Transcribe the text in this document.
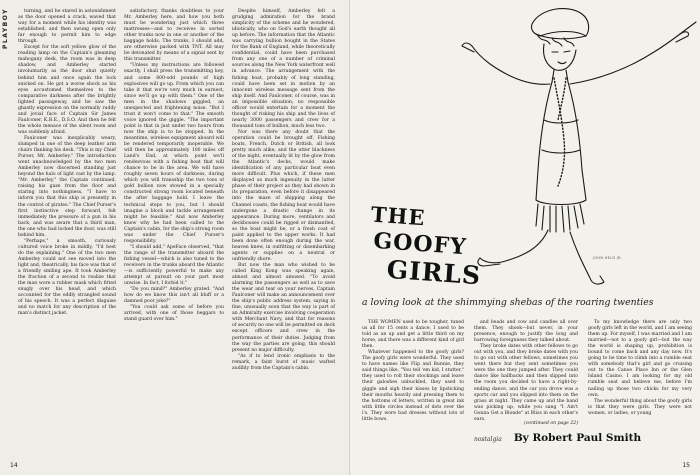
PLAYBOY	turning, and he stared in astonishment as the door opened a crack, waved that way for a moment while his identity was established, and then swung open only far enough to permit him to edge through.

Except for the soft yellow glow of the reading lamp on the Captain's gleaming mahogany desk, the room was in deep shadow, and Amberley started involuntarily as the door shut quietly behind him and once again the lock snicked on. He got a worse shock as his eyes accustomed themselves to the comparative darkness after the brightly lighted passageway, and he saw the ghastly expression on the normally ruddy and jovial face of Captain Sir James Faulconer, K.B.E., D.S.O. And then he felt the whole menace of the silent room and was suddenly afraid.

Faulconer was inexplicably weary, slumped in one of the deep leather arm chairs flanking his desk. "This is my Chief Purser, Mr. Amberley." The introduction went unacknowledged by the two men Amberley now discerned standing just beyond the halo of light cast by the lamp. "Mr. Amberley," the Captain continued, raising his gaze from the floor and staring into nothingness, "I have to inform you that this ship is presently in the control of pirates." The Chief Purser's first instinctive step forward, felt immediately the pressure of a gun in his back, and was aware that a third man, the one who had locked the door, was still behind him.

"Perhaps," a smooth, curiously cultured voice broke in mildly, "I'd best do the explaining." One of the two men Amberley could not see moved into the light and, theatrically, his face was that of a friendly smiling ape. It took Amberley the fraction of a second to realize that the man wore a rubber mask which fitted snugly over his head, and which accounted for the oddly strangled sound of his speech. It was a perfect disguise and no match for any description of the man's distinct jacket.

satisfactory, thanks doubtless to your Mr. Amberley here, and how you both must be wondering just which three mattresses—and to receives in sorted other trunks now in one or another of the baggage holds. The trunks, I should add, are otherwise packed with TNT. All may be detonated by means of a signal sent by this transmitter.

"Unless my instructions are followed exactly, I shall press the transmitting key, and some 800-odd pounds of high explosives will go up. From which you can take it that we're very much in earnest, since we'll go up with them." One of the men in the shadows giggled, an unexpected and frightening noise. "But I trust it won't come to that." The smooth voice ignored the giggle. "The important point is that in just under two hours from now the ship is to be stopped. In the meantime, wireless equipment aboard will be rendered temporarily inoperable. We will then be approximately 100 miles off Land's End, at which point we'll rendezvous with a fishing boat that will chance to be in the area. We will have roughly seven hours of darkness, during which you will transship the two tons of gold bullion now stowed in a specially constructed strong room located beneath the after baggage hold. I leave the technical steps to you, but I should imagine a block and tackle arrangement might be feasible." And now Amberley knew why he had been called to the Captain's cabin, for the ship's strong room was under the Chief Purser's responsibility.

"I should add," ApeFace observed, "that the range of the transmitter aboard the fishing vessel—which is also tuned to the receivers in the trunks aboard the Atlantic—is sufficiently powerful to make any attempt at pursuit on your part most unwise. In fact, I forbid it."

"Do you mind?" Amberley grated. "And how do we know this isn't all bluff or a damned poor joke?"

"You could ask some of before you arrived, with one of those beggars to stand guard over him."

Despite himself, Amberley felt a grudging admiration for the brand simplicity of the scheme and he wondered, idiotically, who on God's earth thought all up before. The information that the Atlantic was carrying bullion bought in the States for the Bank of England, while theoretically confidential, could have been purchased from any one of a number of criminal sources along the New York waterfront well in advance. The arrangement with the fishing boat, probably of long standing, could have been set in motion by an innocent wireless message sent from the ship itself. And Faulconer, of course, was in an impossible situation; no responsible officer would entertain for a moment the thought of risking his ship and the lives of nearly 3000 passengers and crew for a thousand tons of bullion, much less two.

Nor was there any doubt that the operation could be brought off. Fishing boats, French, Dutch or British, all look pretty much alike, and the utter blackness of the night, eventually lit by the glow from the Atlantic's decks, would make identification of any particular boat even more difficult. Plus which, if these men displayed as much ingenuity in the latter phase of their project as they had shown in its preparation, even before it disappeared into the maze of shipping along the Channel coasts, the fishing boat would have undergone a drastic change in its appearance. During more, ventilators and deckhouses could be rigged or dismantled, so the boat might be, or a fresh coat of paint applied to the upper works. It had been done often enough during the war, heaven knew, in outfitting or disembarking agents or supplies on a neutral or unfriendly shore.

But now the man who wished to be called King Kong was speaking again, almost and almost amused. "To avoid alarming the passengers as well as to save the wear and tear on your nerves, Captain Faulconer will make an announcement over the ship's public address system, saying in fine, unusually soon that the way is part of an Admiralty exercise involving cooperation with Merchant Navy, and that for reasons of security no one will be permitted on deck except officers and crew in the performance of their duties. Judging from the way the parties are going, this should present no major difficulty.

"As if to lend ironic emphasis to the remark, a faint burst of music wafted audibly from the Captain's cabin.

14
THE
GOOFY
GIRLS	JOHN HELD JR.
a loving look at the shimmying shebas of the roaring twenties

THE WOMEN used to be tougher, tuned us all for 15 cents a dance, I used to be told as an up and get a little third on my horse, and there was a different kind of girl then.

Whatever happened to the goofy girls? The goofy girls were wonderful. They used to have names like Flip and Bunnie, they said things like, "You tell 'em kid, I stutter," they used to roll their stockings and leave their galoshes unbuckled, they used to giggle and sigh their kisses by lipsticking their mouths heavily and pressing them to the bottoms of letters, written in great ink with little circles instead of dots over the i's. They wore bad dresses without lots of little bows.

and beads and cow and candles all over them. They shook—but never, in your presence, enough to justify the long and harrowing foreignness they talked about.

They broke dates with other fellows to go out with you, and they broke dates with you to go out with other fellows, sometimes you went there but they sent sometimes you were the one they jumped after. They could dance like halfbacks and then slipped into the room you decided to have a right-by-ending dance, and the car you drove was a sports car and you slipped into them on the grass at night. They came up and the band was picking up, while you sang "I Ain't Gonna Get a Blonde" at Bliss in each other's ears.

To my knowledge there are only two goofy girls left in the world, and I am seeing them up. For myself, I was married and I am married—not to a goofy girl—but the way the world is shaping up, prohibition is bound to come back and any day now. It's going to be time to climb into a rumble seat with somebody that's girl and go cruising out to the Canoe Place Inn or the Glen Island Casino. I am looking for my old rumble seat and believe me, before I'm nailing up those two chicks for my very own.

The wonderful thing about the goofy girls is that they were girls. They were not women, or ladies, or young

(continued on page 22)
nostalgia By Robert Paul Smith
15
